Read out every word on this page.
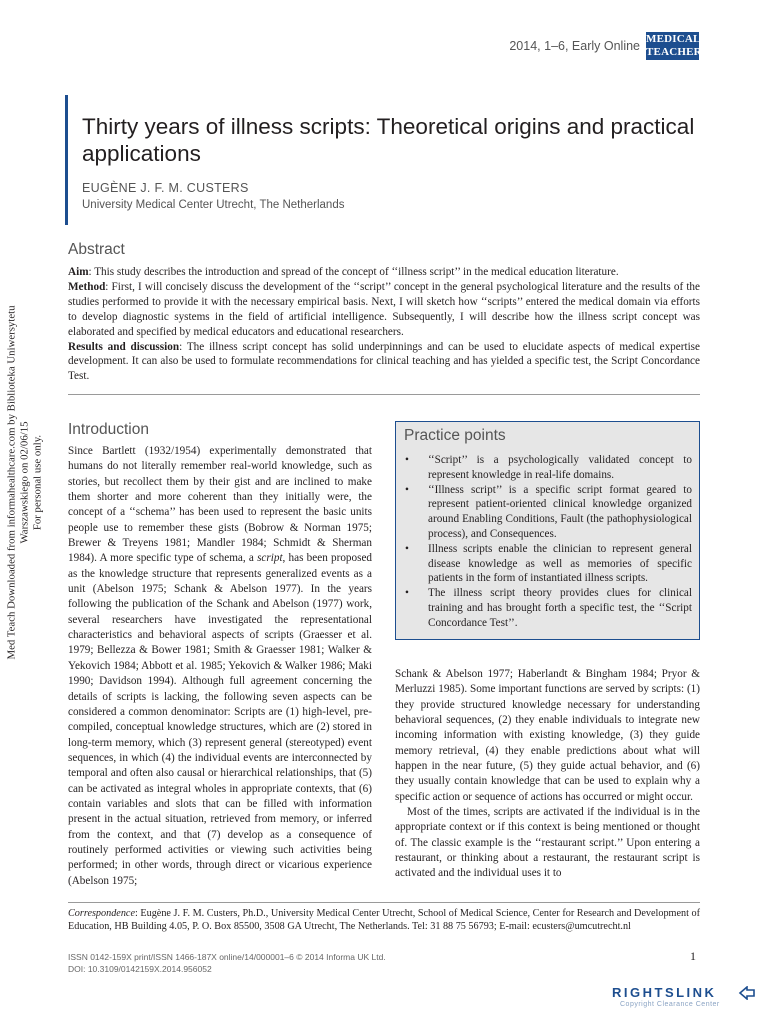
2014, 1–6, Early Online MEDICAL
TEACHER
Thirty years of illness scripts: Theoretical origins and practical applications
EUGÈNE J. F. M. CUSTERS
University Medical Center Utrecht, The Netherlands
Med Teach Downloaded from informahealthcare.com by Biblioteka Uniwersytetu Warszawskiego on 02/06/15 For personal use only.
Abstract

Aim: This study describes the introduction and spread of the concept of ‘‘illness script’’ in the medical education literature.

Method: First, I will concisely discuss the development of the ‘‘script’’ concept in the general psychological literature and the results of the studies performed to provide it with the necessary empirical basis. Next, I will sketch how ‘‘scripts’’ entered the medical domain via efforts to develop diagnostic systems in the field of artificial intelligence. Subsequently, I will describe how the illness script concept was elaborated and specified by medical educators and educational researchers.

Results and discussion: The illness script concept has solid underpinnings and can be used to elucidate aspects of medical expertise development. It can also be used to formulate recommendations for clinical teaching and has yielded a specific test, the Script Concordance Test.

Introduction

Since Bartlett (1932/1954) experimentally demonstrated that humans do not literally remember real-world knowledge, such as stories, but recollect them by their gist and are inclined to make them shorter and more coherent than they initially were, the concept of a ‘‘schema’’ has been used to represent the basic units people use to remember these gists (Bobrow & Norman 1975; Brewer & Treyens 1981; Mandler 1984; Schmidt & Sherman 1984). A more specific type of schema, a script, has been proposed as the knowledge structure that represents generalized events as a unit (Abelson 1975; Schank & Abelson 1977). In the years following the publication of the Schank and Abelson (1977) work, several researchers have investigated the representational characteristics and behavioral aspects of scripts (Graesser et al. 1979; Bellezza & Bower 1981; Smith & Graesser 1981; Walker & Yekovich 1984; Abbott et al. 1985; Yekovich & Walker 1986; Maki 1990; Davidson 1994). Although full agreement concerning the details of scripts is lacking, the following seven aspects can be considered a common denominator: Scripts are (1) high-level, pre-compiled, conceptual knowledge structures, which are (2) stored in long-term memory, which (3) represent general (stereotyped) event sequences, in which (4) the individual events are interconnected by temporal and often also causal or hierarchical relationships, that (5) can be activated as integral wholes in appropriate contexts, that (6) contain variables and slots that can be filled with information present in the actual situation, retrieved from memory, or inferred from the context, and that (7) develop as a consequence of routinely performed activities or viewing such activities being performed; in other words, through direct or vicarious experience (Abelson 1975;

Practice points
• ‘‘Script’’ is a psychologically validated concept to represent knowledge in real-life domains.
• ‘‘Illness script’’ is a specific script format geared to represent patient-oriented clinical knowledge organized around Enabling Conditions, Fault (the pathophysiological process), and Consequences.
• Illness scripts enable the clinician to represent general disease knowledge as well as memories of specific patients in the form of instantiated illness scripts.
• The illness script theory provides clues for clinical training and has brought forth a specific test, the ‘‘Script Concordance Test’’.

Schank & Abelson 1977; Haberlandt & Bingham 1984; Pryor & Merluzzi 1985). Some important functions are served by scripts: (1) they provide structured knowledge necessary for understanding behavioral sequences, (2) they enable individuals to integrate new incoming information with existing knowledge, (3) they guide memory retrieval, (4) they enable predictions about what will happen in the near future, (5) they guide actual behavior, and (6) they usually contain knowledge that can be used to explain why a specific action or sequence of actions has occurred or might occur.

Most of the times, scripts are activated if the individual is in the appropriate context or if this context is being mentioned or thought of. The classic example is the ‘‘restaurant script.’’ Upon entering a restaurant, or thinking about a restaurant, the restaurant script is activated and the individual uses it to

Correspondence: Eugène J. F. M. Custers, Ph.D., University Medical Center Utrecht, School of Medical Science, Center for Research and Development of Education, HB Building 4.05, P. O. Box 85500, 3508 GA Utrecht, The Netherlands. Tel: 31 88 75 56793; E-mail: ecusters@umcutrecht.nl
ISSN 0142-159X print/ISSN 1466-187X online/14/000001–6 © 2014 Informa UK Ltd.
DOI: 10.3109/0142159X.2014.956052
1
RIGHTSLINK
Copyright Clearance Center
